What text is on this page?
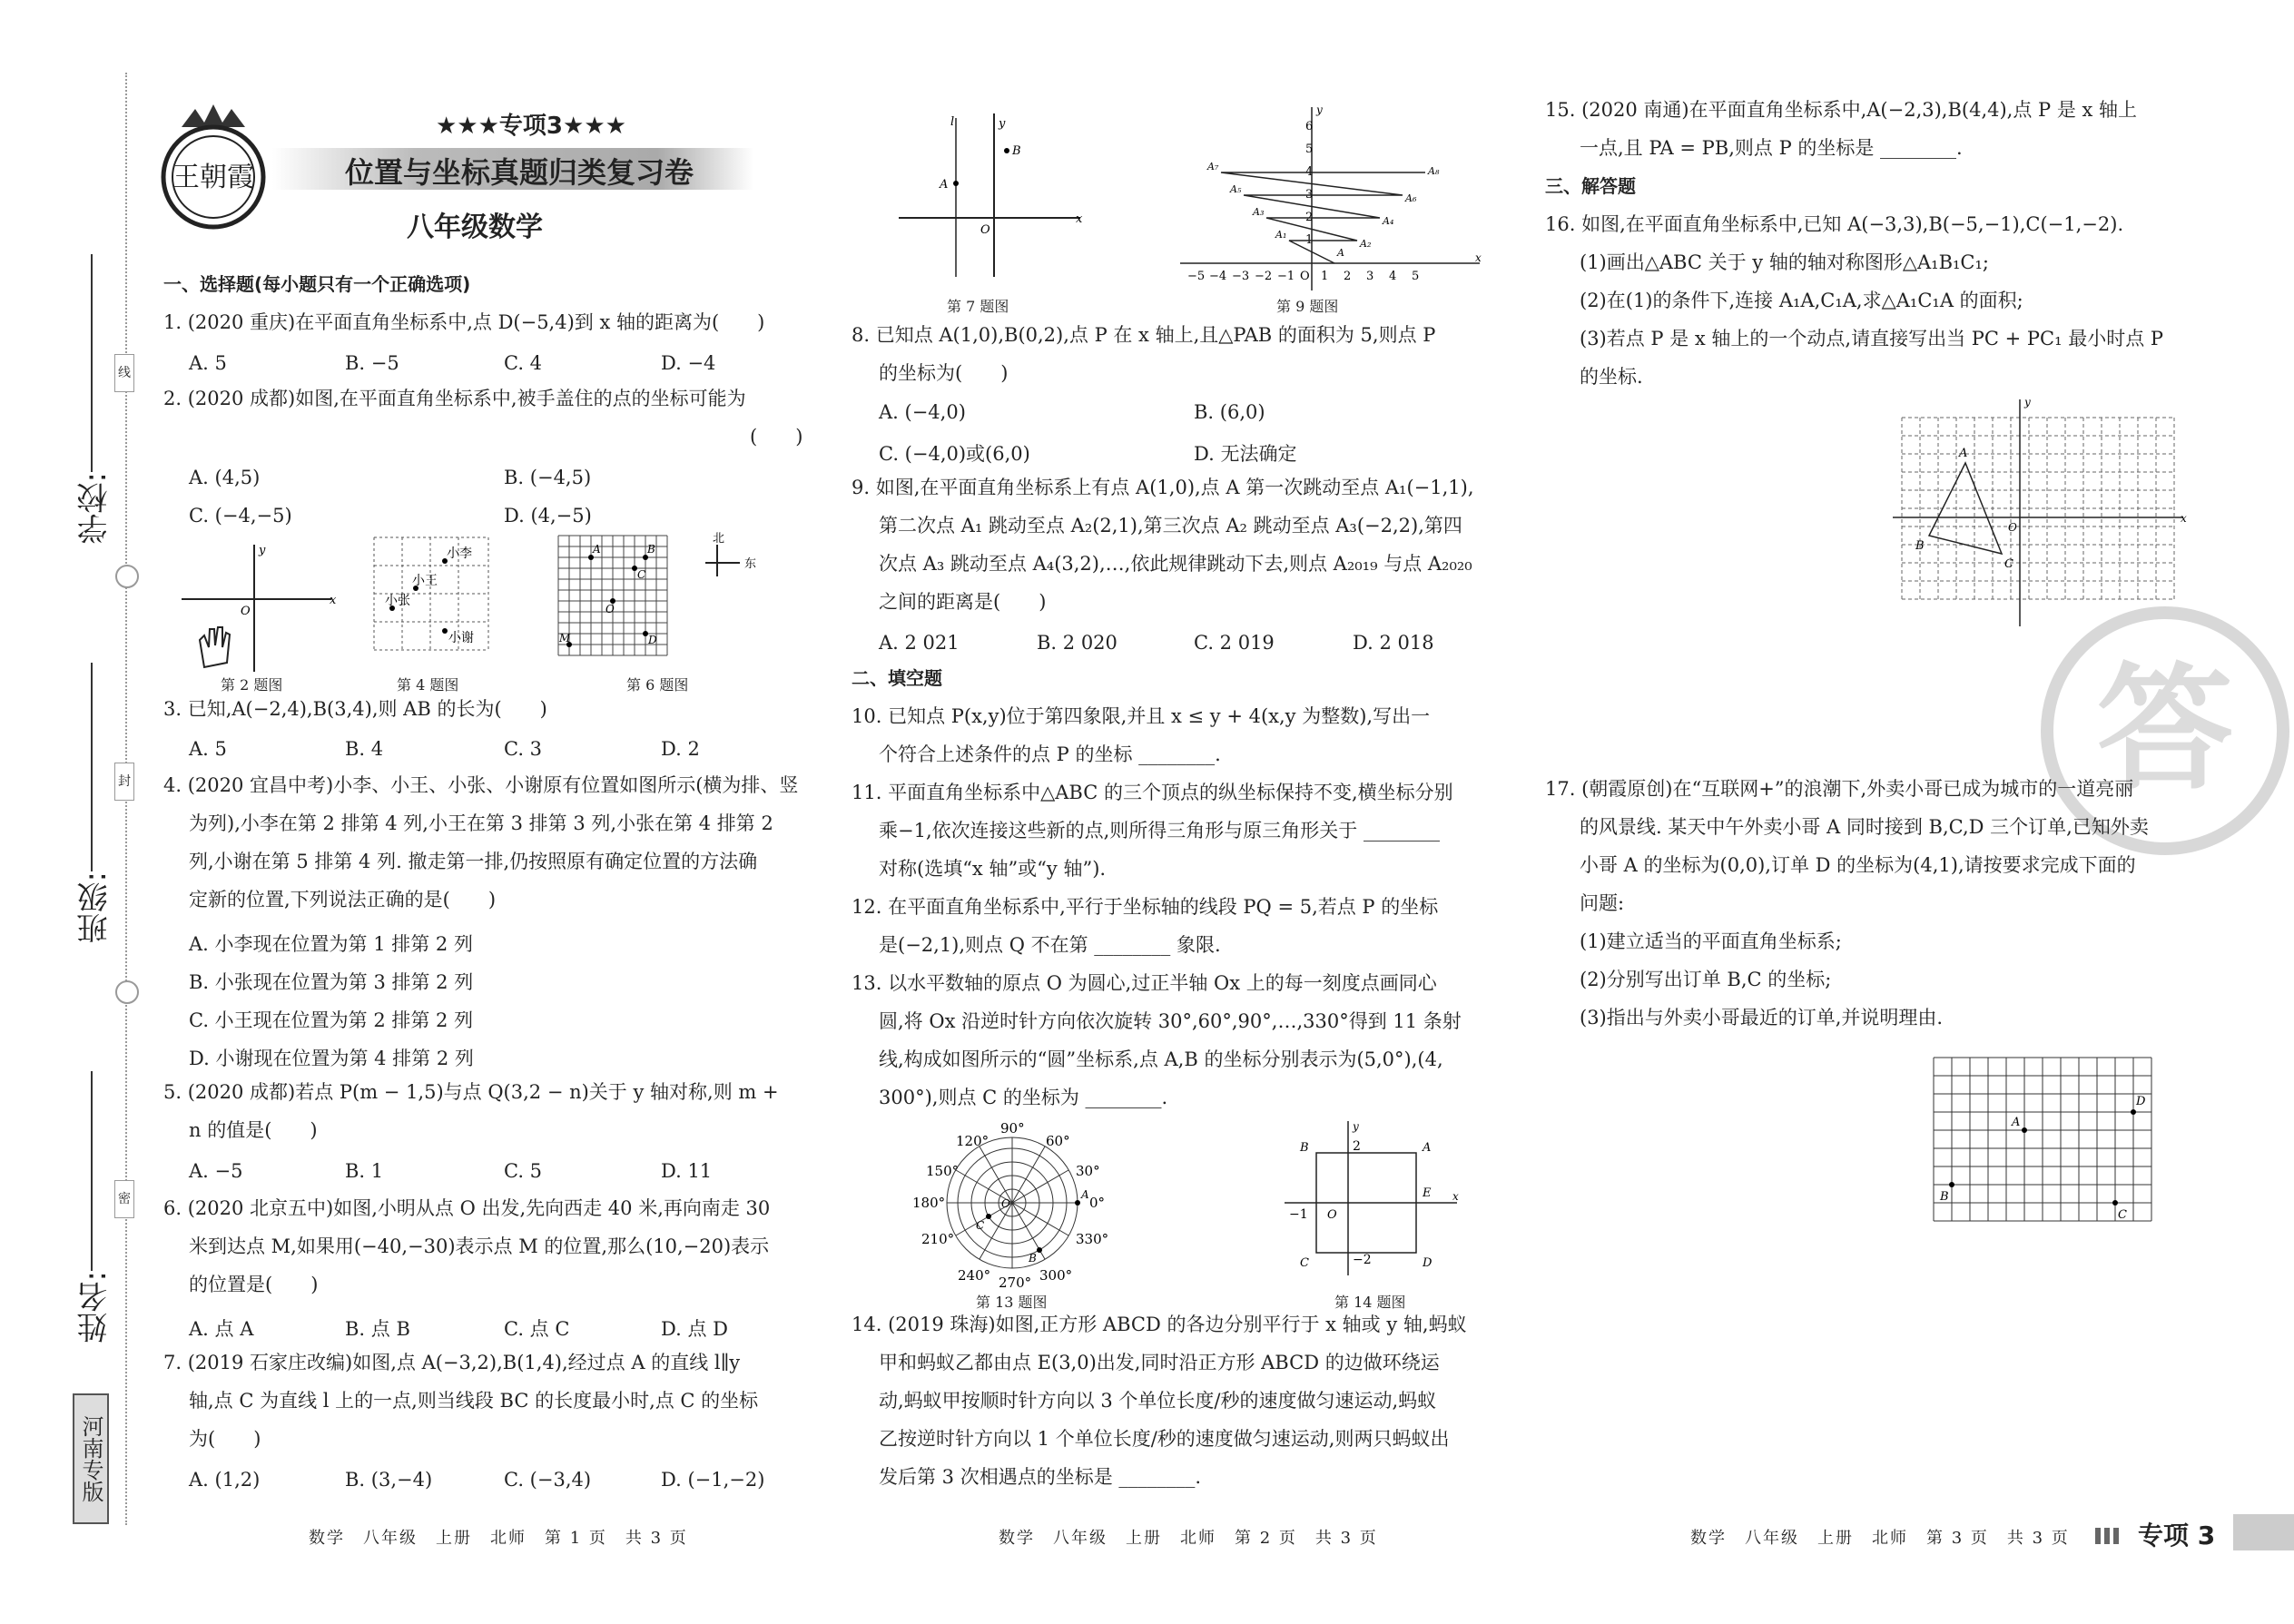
线
封
密
学校:
班级:
姓名:
河南专版
王朝霞
★★★专项3★★★
位置与坐标真题归类复习卷
八年级数学
一、选择题(每小题只有一个正确选项)
1. (2020 重庆)在平面直角坐标系中,点 D(−5,4)到 x 轴的距离为(　　)
A. 5	B. −5	C. 4	D. −4
2. (2020 成都)如图,在平面直角坐标系中,被手盖住的点的坐标可能为
(　　)
A. (4,5)	B. (−4,5)
C. (−4,−5)	D. (4,−5)
x
y
O
第 2 题图
小李
小王
小张
小谢
第 4 题图
A	B
C
O
M	D
北
东
第 6 题图
3. 已知,A(−2,4),B(3,4),则 AB 的长为(　　)
A. 5	B. 4	C. 3	D. 2
4. (2020 宜昌中考)小李、小王、小张、小谢原有位置如图所示(横为排、竖
为列),小李在第 2 排第 4 列,小王在第 3 排第 3 列,小张在第 4 排第 2
列,小谢在第 5 排第 4 列. 撤走第一排,仍按照原有确定位置的方法确
定新的位置,下列说法正确的是(　　)
A. 小李现在位置为第 1 排第 2 列
B. 小张现在位置为第 3 排第 2 列
C. 小王现在位置为第 2 排第 2 列
D. 小谢现在位置为第 4 排第 2 列
5. (2020 成都)若点 P(m − 1,5)与点 Q(3,2 − n)关于 y 轴对称,则 m +
n 的值是(　　)
A. −5	B. 1	C. 5	D. 11
6. (2020 北京五中)如图,小明从点 O 出发,先向西走 40 米,再向南走 30
米到达点 M,如果用(−40,−30)表示点 M 的位置,那么(10,−20)表示
的位置是(　　)
A. 点 A	B. 点 B	C. 点 C	D. 点 D
7. (2019 石家庄改编)如图,点 A(−3,2),B(1,4),经过点 A 的直线 l∥y
轴,点 C 为直线 l 上的一点,则当线段 BC 的长度最小时,点 C 的坐标
为(　　)
A. (1,2)	B. (3,−4)	C. (−3,4)	D. (−1,−2)
数学　八年级　上册　北师　第 1 页　共 3 页
x
y
l
A
B
O
第 7 题图
x
y
6
5
4
3
2
1
−5 −4 −3 −2 −1 O 1 2 3 4 5
A
A₁
A₂
A₃
A₄
A₅
A₆
A₇	A₈
第 9 题图
8. 已知点 A(1,0),B(0,2),点 P 在 x 轴上,且△PAB 的面积为 5,则点 P
的坐标为(　　)
A. (−4,0)	B. (6,0)
C. (−4,0)或(6,0)	D. 无法确定
9. 如图,在平面直角坐标系上有点 A(1,0),点 A 第一次跳动至点 A₁(−1,1),
第二次点 A₁ 跳动至点 A₂(2,1),第三次点 A₂ 跳动至点 A₃(−2,2),第四
次点 A₃ 跳动至点 A₄(3,2),…,依此规律跳动下去,则点 A₂₀₁₉ 与点 A₂₀₂₀
之间的距离是(　　)
A. 2 021	B. 2 020	C. 2 019	D. 2 018
二、填空题
10. 已知点 P(x,y)位于第四象限,并且 x ≤ y + 4(x,y 为整数),写出一
个符合上述条件的点 P 的坐标 ________.
11. 平面直角坐标系中△ABC 的三个顶点的纵坐标保持不变,横坐标分别
乘−1,依次连接这些新的点,则所得三角形与原三角形关于 ________
对称(选填“x 轴”或“y 轴”).
12. 在平面直角坐标系中,平行于坐标轴的线段 PQ = 5,若点 P 的坐标
是(−2,1),则点 Q 不在第 ________ 象限.
13. 以水平数轴的原点 O 为圆心,过正半轴 Ox 上的每一刻度点画同心
圆,将 Ox 沿逆时针方向依次旋转 30°,60°,90°,…,330°得到 11 条射
线,构成如图所示的“圆”坐标系,点 A,B 的坐标分别表示为(5,0°),(4,
300°),则点 C 的坐标为 ________.
90°
60°
30°
0°
120°
150°
180°
210°
240° 270° 300°
330°
A
B
C
O
第 13 题图
x
y
2
−1
−2
O
B	A
E
C	D
第 14 题图
14. (2019 珠海)如图,正方形 ABCD 的各边分别平行于 x 轴或 y 轴,蚂蚁
甲和蚂蚁乙都由点 E(3,0)出发,同时沿正方形 ABCD 的边做环绕运
动,蚂蚁甲按顺时针方向以 3 个单位长度/秒的速度做匀速运动,蚂蚁
乙按逆时针方向以 1 个单位长度/秒的速度做匀速运动,则两只蚂蚁出
发后第 3 次相遇点的坐标是 ________.
数学　八年级　上册　北师　第 2 页　共 3 页
答
15. (2020 南通)在平面直角坐标系中,A(−2,3),B(4,4),点 P 是 x 轴上
一点,且 PA = PB,则点 P 的坐标是 ________.
三、解答题
16. 如图,在平面直角坐标系中,已知 A(−3,3),B(−5,−1),C(−1,−2).
(1)画出△ABC 关于 y 轴的轴对称图形△A₁B₁C₁;
(2)在(1)的条件下,连接 A₁A,C₁A,求△A₁C₁A 的面积;
(3)若点 P 是 x 轴上的一个动点,请直接写出当 PC + PC₁ 最小时点 P
的坐标.
x
y
O
A
B
C
17. (朝霞原创)在“互联网+”的浪潮下,外卖小哥已成为城市的一道亮丽
的风景线. 某天中午外卖小哥 A 同时接到 B,C,D 三个订单,已知外卖
小哥 A 的坐标为(0,0),订单 D 的坐标为(4,1),请按要求完成下面的
问题:
(1)建立适当的平面直角坐标系;
(2)分别写出订单 B,C 的坐标;
(3)指出与外卖小哥最近的订单,并说明理由.
A
B
C
D
数学　八年级　上册　北师　第 3 页　共 3 页	专项 3
